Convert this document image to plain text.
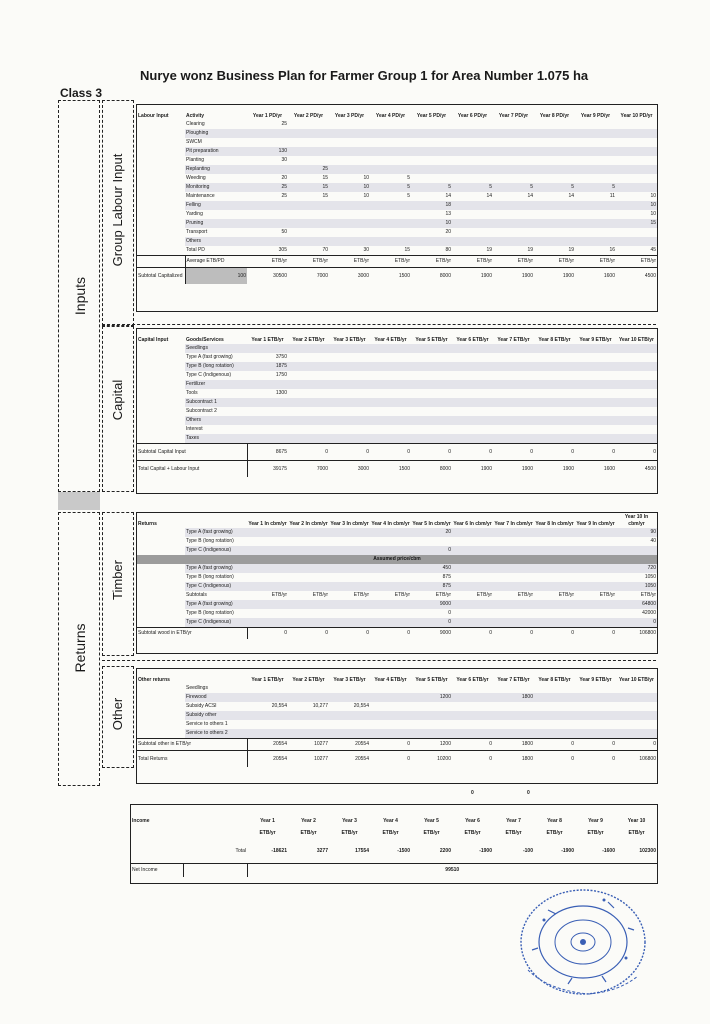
Nurye wonz Business Plan for Farmer Group 1 for Area Number 1.075 ha
Class 3
Inputs
Group Labour Input
Capital
Returns
Timber
Other
Labour Input	Activity	Year 1 PD/yr	Year 2 PD/yr	Year 3 PD/yr	Year 4 PD/yr	Year 5 PD/yr	Year 6 PD/yr	Year 7 PD/yr	Year 8 PD/yr	Year 9 PD/yr	Year 10 PD/yr
	Clearing	25									
	Ploughing										
	SWCM										
	Pit preparation	130									
	Planting	30									
	Replanting		25								
	Weeding	20	15	10	5						
	Monitoring	25	15	10	5	5	5	5	5	5	
	Maintenance	25	15	10	5	14	14	14	14	11	10
	Felling					18					10
	Yarding					13					10
	Pruning					10					15
	Transport	50				20					
	Others										
	Total PD	305	70	30	15	80	19	19	19	16	45
	Average ETB/PD	ETB/yr	ETB/yr	ETB/yr	ETB/yr	ETB/yr	ETB/yr	ETB/yr	ETB/yr	ETB/yr	ETB/yr
Subtotal Capitalized	100	30500	7000	3000	1500	8000	1900	1900	1900	1600	4500
Capital Input	Goods/Services	Year 1 ETB/yr	Year 2 ETB/yr	Year 3 ETB/yr	Year 4 ETB/yr	Year 5 ETB/yr	Year 6 ETB/yr	Year 7 ETB/yr	Year 8 ETB/yr	Year 9 ETB/yr	Year 10 ETB/yr
	Seedlings										
	Type A (fast growing)	3750									
	Type B (long rotation)	1875									
	Type C (Indigenous)	1750									
	Fertilizer										
	Tools	1300									
	Subcontract 1										
	Subcontract 2										
	Others										
	Interest										
	Taxes										
Subtotal Capital Input		8675	0	0	0	0	0	0	0	0	0
Total Capital + Labour Input		39175	7000	3000	1500	8000	1900	1900	1900	1600	4500
Returns		Year 1 In cbm/yr	Year 2 In cbm/yr	Year 3 In cbm/yr	Year 4 In cbm/yr	Year 5 In cbm/yr	Year 6 In cbm/yr	Year 7 In cbm/yr	Year 8 In cbm/yr	Year 9 In cbm/yr	Year 10 In cbm/yr
	Type A (fast growing)					20					90
	Type B (long rotation)										40
	Type C (Indigenous)					0					
Assumed price/cbm											
	Type A (fast growing)					450					720
	Type B (long rotation)					875					1050
	Type C (Indigenous)					875					1050
	Subtotals	ETB/yr	ETB/yr	ETB/yr	ETB/yr	ETB/yr	ETB/yr	ETB/yr	ETB/yr	ETB/yr	ETB/yr
	Type A (fast growing)					9000					64800
	Type B (long rotation)					0					42000
	Type C (Indigenous)					0					0
Subtotal wood in ETB/yr		0	0	0	0	9000	0	0	0	0	106800
Other returns		Year 1 ETB/yr	Year 2 ETB/yr	Year 3 ETB/yr	Year 4 ETB/yr	Year 5 ETB/yr	Year 6 ETB/yr	Year 7 ETB/yr	Year 8 ETB/yr	Year 9 ETB/yr	Year 10 ETB/yr
	Seedlings										
	Firewood					1200		1800			
	Subsidy ACSI	20,554	10,277	20,554							
	Subsidy other										
	Service to others 1										
	Service to others 2										
Subtotal other in ETB/yr		20554	10277	20554	0	1200	0	1800	0	0	0
Total Returns		20554	10277	20554	0	10200	0	1800	0	0	106800
0	0
Income		Year 1	Year 2	Year 3	Year 4	Year 5	Year 6	Year 7	Year 8	Year 9	Year 10
		ETB/yr	ETB/yr	ETB/yr	ETB/yr	ETB/yr	ETB/yr	ETB/yr	ETB/yr	ETB/yr	ETB/yr
	Total	-18621	3277	17554	-1500	2200	-1900	-100	-1900	-1600	102300
Net Income		99510									
